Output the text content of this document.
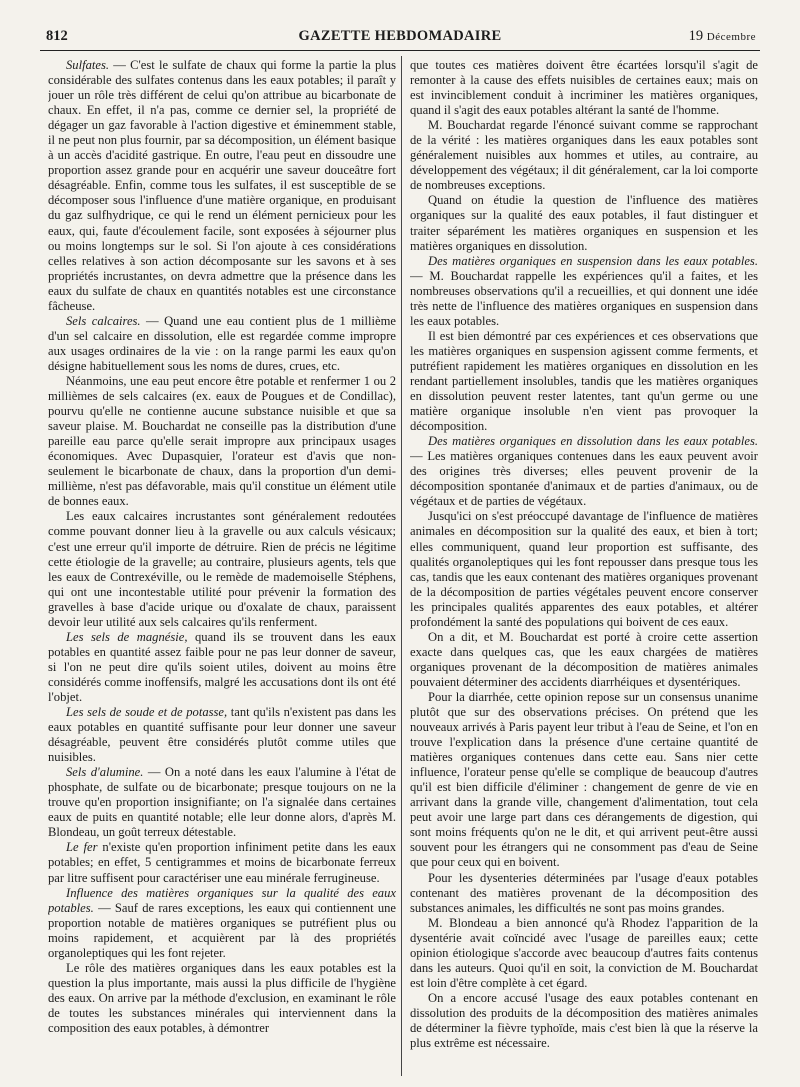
812	GAZETTE HEBDOMADAIRE	19 Décembre

Sulfates. — C'est le sulfate de chaux qui forme la partie la plus considérable des sulfates contenus dans les eaux potables; il paraît y jouer un rôle très différent de celui qu'on attribue au bicarbonate de chaux. En effet, il n'a pas, comme ce dernier sel, la propriété de dégager un gaz favorable à l'action digestive et éminemment stable, il ne peut non plus fournir, par sa décomposition, un élément basique à un accès d'acidité gastrique. En outre, l'eau peut en dissoudre une proportion assez grande pour en acquérir une saveur douceâtre fort désagréable. Enfin, comme tous les sulfates, il est susceptible de se décomposer sous l'influence d'une matière organique, en produisant du gaz sulfhydrique, ce qui le rend un élément pernicieux pour les eaux, qui, faute d'écoulement facile, sont exposées à séjourner plus ou moins longtemps sur le sol. Si l'on ajoute à ces considérations celles relatives à son action décomposante sur les savons et à ses propriétés incrustantes, on devra admettre que la présence dans les eaux du sulfate de chaux en quantités notables est une circonstance fâcheuse.

Sels calcaires. — Quand une eau contient plus de 1 millième d'un sel calcaire en dissolution, elle est regardée comme impropre aux usages ordinaires de la vie : on la range parmi les eaux qu'on désigne habituellement sous les noms de dures, crues, etc.

Néanmoins, une eau peut encore être potable et renfermer 1 ou 2 millièmes de sels calcaires (ex. eaux de Pougues et de Condillac), pourvu qu'elle ne contienne aucune substance nuisible et que sa saveur plaise. M. Bouchardat ne conseille pas la distribution d'une pareille eau parce qu'elle serait impropre aux principaux usages économiques. Avec Dupasquier, l'orateur est d'avis que non-seulement le bicarbonate de chaux, dans la proportion d'un demi-millième, n'est pas défavorable, mais qu'il constitue un élément utile de bonnes eaux.

Les eaux calcaires incrustantes sont généralement redoutées comme pouvant donner lieu à la gravelle ou aux calculs vésicaux; c'est une erreur qu'il importe de détruire. Rien de précis ne légitime cette étiologie de la gravelle; au contraire, plusieurs agents, tels que les eaux de Contrexéville, ou le remède de mademoiselle Stéphens, qui ont une incontestable utilité pour prévenir la formation des gravelles à base d'acide urique ou d'oxalate de chaux, paraissent devoir leur utilité aux sels calcaires qu'ils renferment.

Les sels de magnésie, quand ils se trouvent dans les eaux potables en quantité assez faible pour ne pas leur donner de saveur, si l'on ne peut dire qu'ils soient utiles, doivent au moins être considérés comme inoffensifs, malgré les accusations dont ils ont été l'objet.

Les sels de soude et de potasse, tant qu'ils n'existent pas dans les eaux potables en quantité suffisante pour leur donner une saveur désagréable, peuvent être considérés plutôt comme utiles que nuisibles.

Sels d'alumine. — On a noté dans les eaux l'alumine à l'état de phosphate, de sulfate ou de bicarbonate; presque toujours on ne la trouve qu'en proportion insignifiante; on l'a signalée dans certaines eaux de puits en quantité notable; elle leur donne alors, d'après M. Blondeau, un goût terreux détestable.

Le fer n'existe qu'en proportion infiniment petite dans les eaux potables; en effet, 5 centigrammes et moins de bicarbonate ferreux par litre suffisent pour caractériser une eau minérale ferrugineuse.

Influence des matières organiques sur la qualité des eaux potables. — Sauf de rares exceptions, les eaux qui contiennent une proportion notable de matières organiques se putréfient plus ou moins rapidement, et acquièrent par là des propriétés organoleptiques qui les font rejeter.

Le rôle des matières organiques dans les eaux potables est la question la plus importante, mais aussi la plus difficile de l'hygiène des eaux. On arrive par la méthode d'exclusion, en examinant le rôle de toutes les substances minérales qui interviennent dans la composition des eaux potables, à démontrer

que toutes ces matières doivent être écartées lorsqu'il s'agit de remonter à la cause des effets nuisibles de certaines eaux; mais on est invinciblement conduit à incriminer les matières organiques, quand il s'agit des eaux potables altérant la santé de l'homme.

M. Bouchardat regarde l'énoncé suivant comme se rapprochant de la vérité : les matières organiques dans les eaux potables sont généralement nuisibles aux hommes et utiles, au contraire, au développement des végétaux; il dit généralement, car la loi comporte de nombreuses exceptions.

Quand on étudie la question de l'influence des matières organiques sur la qualité des eaux potables, il faut distinguer et traiter séparément les matières organiques en suspension et les matières organiques en dissolution.

Des matières organiques en suspension dans les eaux potables. — M. Bouchardat rappelle les expériences qu'il a faites, et les nombreuses observations qu'il a recueillies, et qui donnent une idée très nette de l'influence des matières organiques en suspension dans les eaux potables.

Il est bien démontré par ces expériences et ces observations que les matières organiques en suspension agissent comme ferments, et putréfient rapidement les matières organiques en dissolution en les rendant partiellement insolubles, tandis que les matières organiques en dissolution peuvent rester latentes, tant qu'un germe ou une matière organique insoluble n'en vient pas provoquer la décomposition.

Des matières organiques en dissolution dans les eaux potables. — Les matières organiques contenues dans les eaux peuvent avoir des origines très diverses; elles peuvent provenir de la décomposition spontanée d'animaux et de parties d'animaux, ou de végétaux et de parties de végétaux.

Jusqu'ici on s'est préoccupé davantage de l'influence de matières animales en décomposition sur la qualité des eaux, et bien à tort; elles communiquent, quand leur proportion est suffisante, des qualités organoleptiques qui les font repousser dans presque tous les cas, tandis que les eaux contenant des matières organiques provenant de la décomposition de parties végétales peuvent encore conserver les principales qualités apparentes des eaux potables, et altérer profondément la santé des populations qui boivent de ces eaux.

On a dit, et M. Bouchardat est porté à croire cette assertion exacte dans quelques cas, que les eaux chargées de matières organiques provenant de la décomposition de matières animales pouvaient déterminer des accidents diarrhéiques et dysentériques.

Pour la diarrhée, cette opinion repose sur un consensus unanime plutôt que sur des observations précises. On prétend que les nouveaux arrivés à Paris payent leur tribut à l'eau de Seine, et l'on en trouve l'explication dans la présence d'une certaine quantité de matières organiques contenues dans cette eau. Sans nier cette influence, l'orateur pense qu'elle se complique de beaucoup d'autres qu'il est bien difficile d'éliminer : changement de genre de vie en arrivant dans la grande ville, changement d'alimentation, tout cela peut avoir une large part dans ces dérangements de digestion, qui sont moins fréquents qu'on ne le dit, et qui arrivent peut-être aussi souvent pour les étrangers qui ne consomment pas d'eau de Seine que pour ceux qui en boivent.

Pour les dysenteries déterminées par l'usage d'eaux potables contenant des matières provenant de la décomposition des substances animales, les difficultés ne sont pas moins grandes.

M. Blondeau a bien annoncé qu'à Rhodez l'apparition de la dysentérie avait coïncidé avec l'usage de pareilles eaux; cette opinion étiologique s'accorde avec beaucoup d'autres faits contenus dans les auteurs. Quoi qu'il en soit, la conviction de M. Bouchardat est loin d'être complète à cet égard.

On a encore accusé l'usage des eaux potables contenant en dissolution des produits de la décomposition des matières animales de déterminer la fièvre typhoïde, mais c'est bien là que la réserve la plus extrême est nécessaire.
